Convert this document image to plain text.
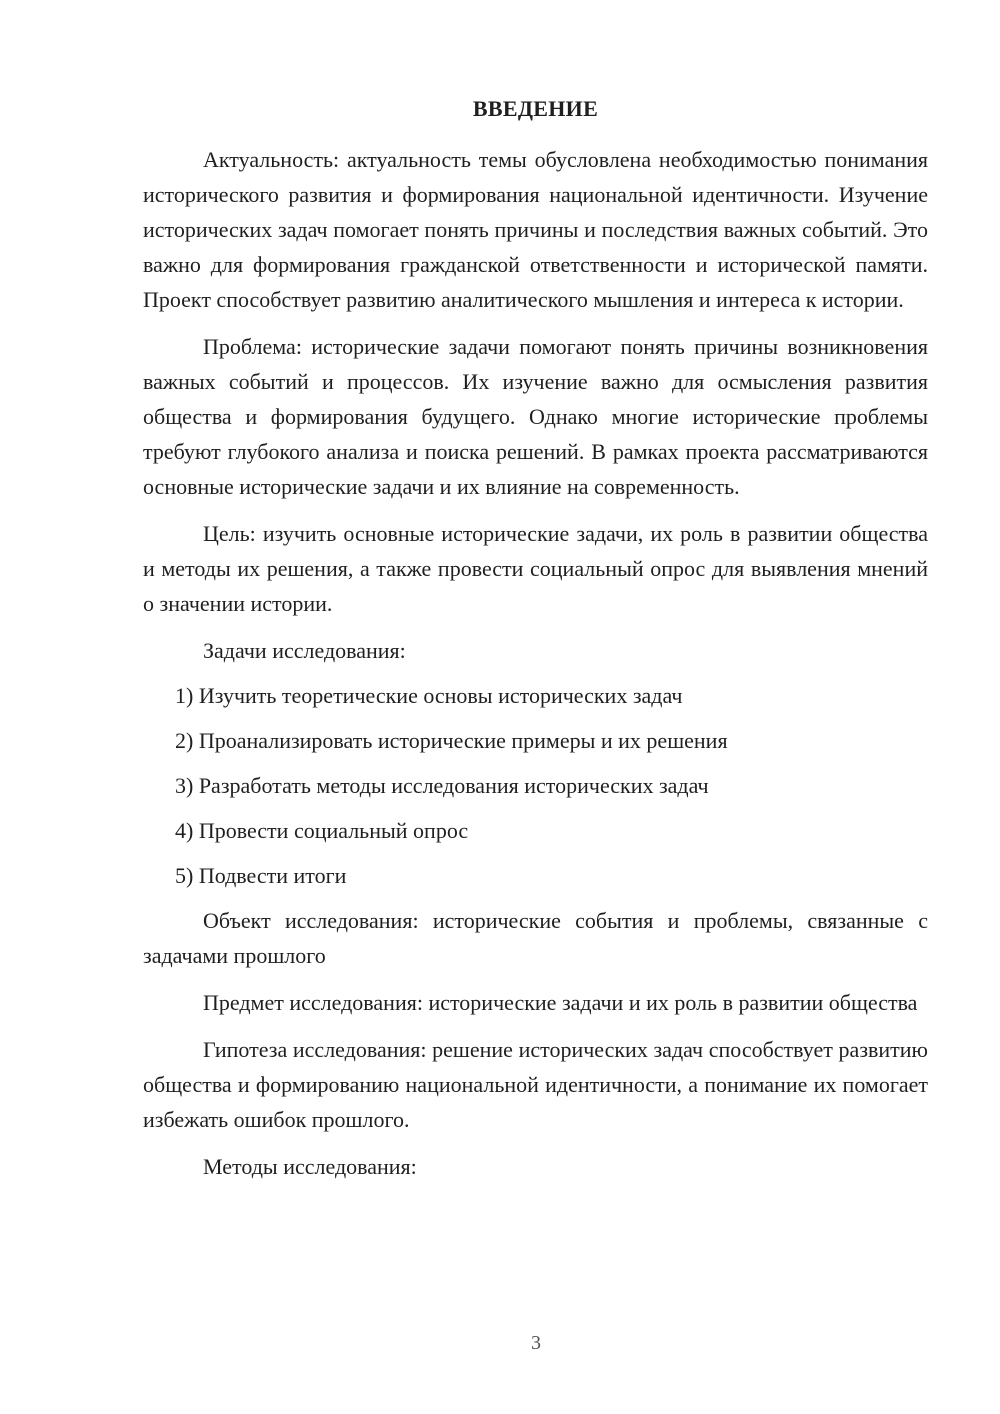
ВВЕДЕНИЕ

Актуальность: актуальность темы обусловлена необходимостью понимания исторического развития и формирования национальной идентичности. Изучение исторических задач помогает понять причины и последствия важных событий. Это важно для формирования гражданской ответственности и исторической памяти. Проект способствует развитию аналитического мышления и интереса к истории.

Проблема: исторические задачи помогают понять причины возникновения важных событий и процессов. Их изучение важно для осмысления развития общества и формирования будущего. Однако многие исторические проблемы требуют глубокого анализа и поиска решений. В рамках проекта рассматриваются основные исторические задачи и их влияние на современность.

Цель: изучить основные исторические задачи, их роль в развитии общества и методы их решения, а также провести социальный опрос для выявления мнений о значении истории.

Задачи исследования:

1) Изучить теоретические основы исторических задач
2) Проанализировать исторические примеры и их решения
3) Разработать методы исследования исторических задач
4) Провести социальный опрос
5) Подвести итоги

Объект исследования: исторические события и проблемы, связанные с задачами прошлого

Предмет исследования: исторические задачи и их роль в развитии общества

Гипотеза исследования: решение исторических задач способствует развитию общества и формированию национальной идентичности, а понимание их помогает избежать ошибок прошлого.

Методы исследования:

3
